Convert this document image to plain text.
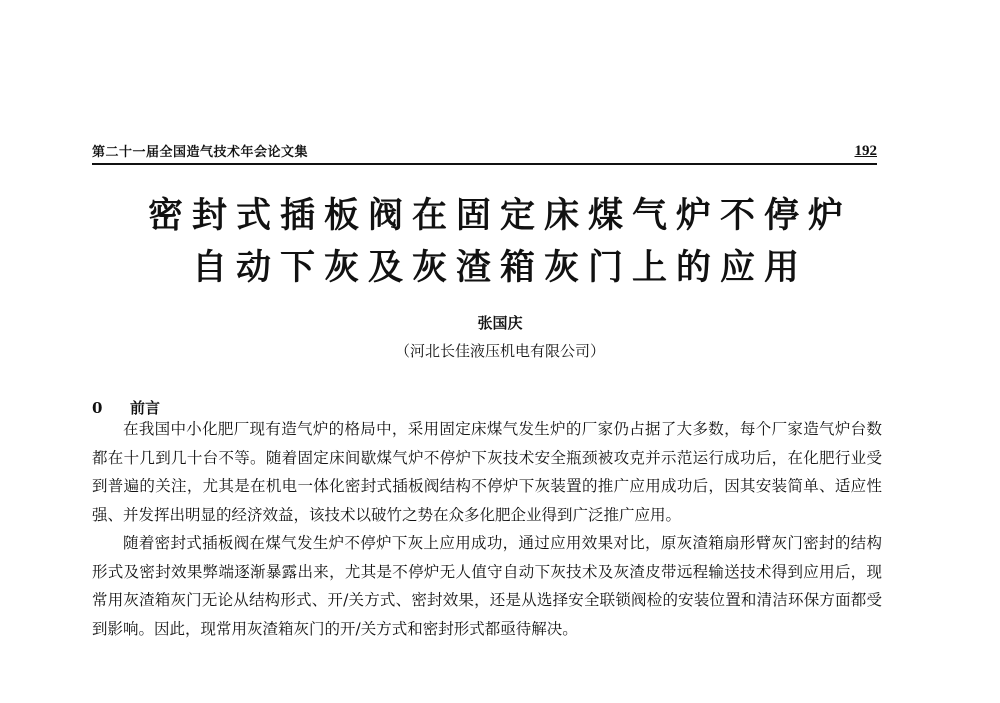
第二十一届全国造气技术年会论文集	192
密封式插板阀在固定床煤气炉不停炉
自动下灰及灰渣箱灰门上的应用
张国庆
（河北长佳液压机电有限公司）
0 前言

在我国中小化肥厂现有造气炉的格局中，采用固定床煤气发生炉的厂家仍占据了大多数，每个厂家造气炉台数都在十几到几十台不等。随着固定床间歇煤气炉不停炉下灰技术安全瓶颈被攻克并示范运行成功后，在化肥行业受到普遍的关注，尤其是在机电一体化密封式插板阀结构不停炉下灰装置的推广应用成功后，因其安装简单、适应性强、并发挥出明显的经济效益，该技术以破竹之势在众多化肥企业得到广泛推广应用。

随着密封式插板阀在煤气发生炉不停炉下灰上应用成功，通过应用效果对比，原灰渣箱扇形臂灰门密封的结构形式及密封效果弊端逐渐暴露出来，尤其是不停炉无人值守自动下灰技术及灰渣皮带远程输送技术得到应用后，现常用灰渣箱灰门无论从结构形式、开/关方式、密封效果，还是从选择安全联锁阀检的安装位置和清洁环保方面都受到影响。因此，现常用灰渣箱灰门的开/关方式和密封形式都亟待解决。
